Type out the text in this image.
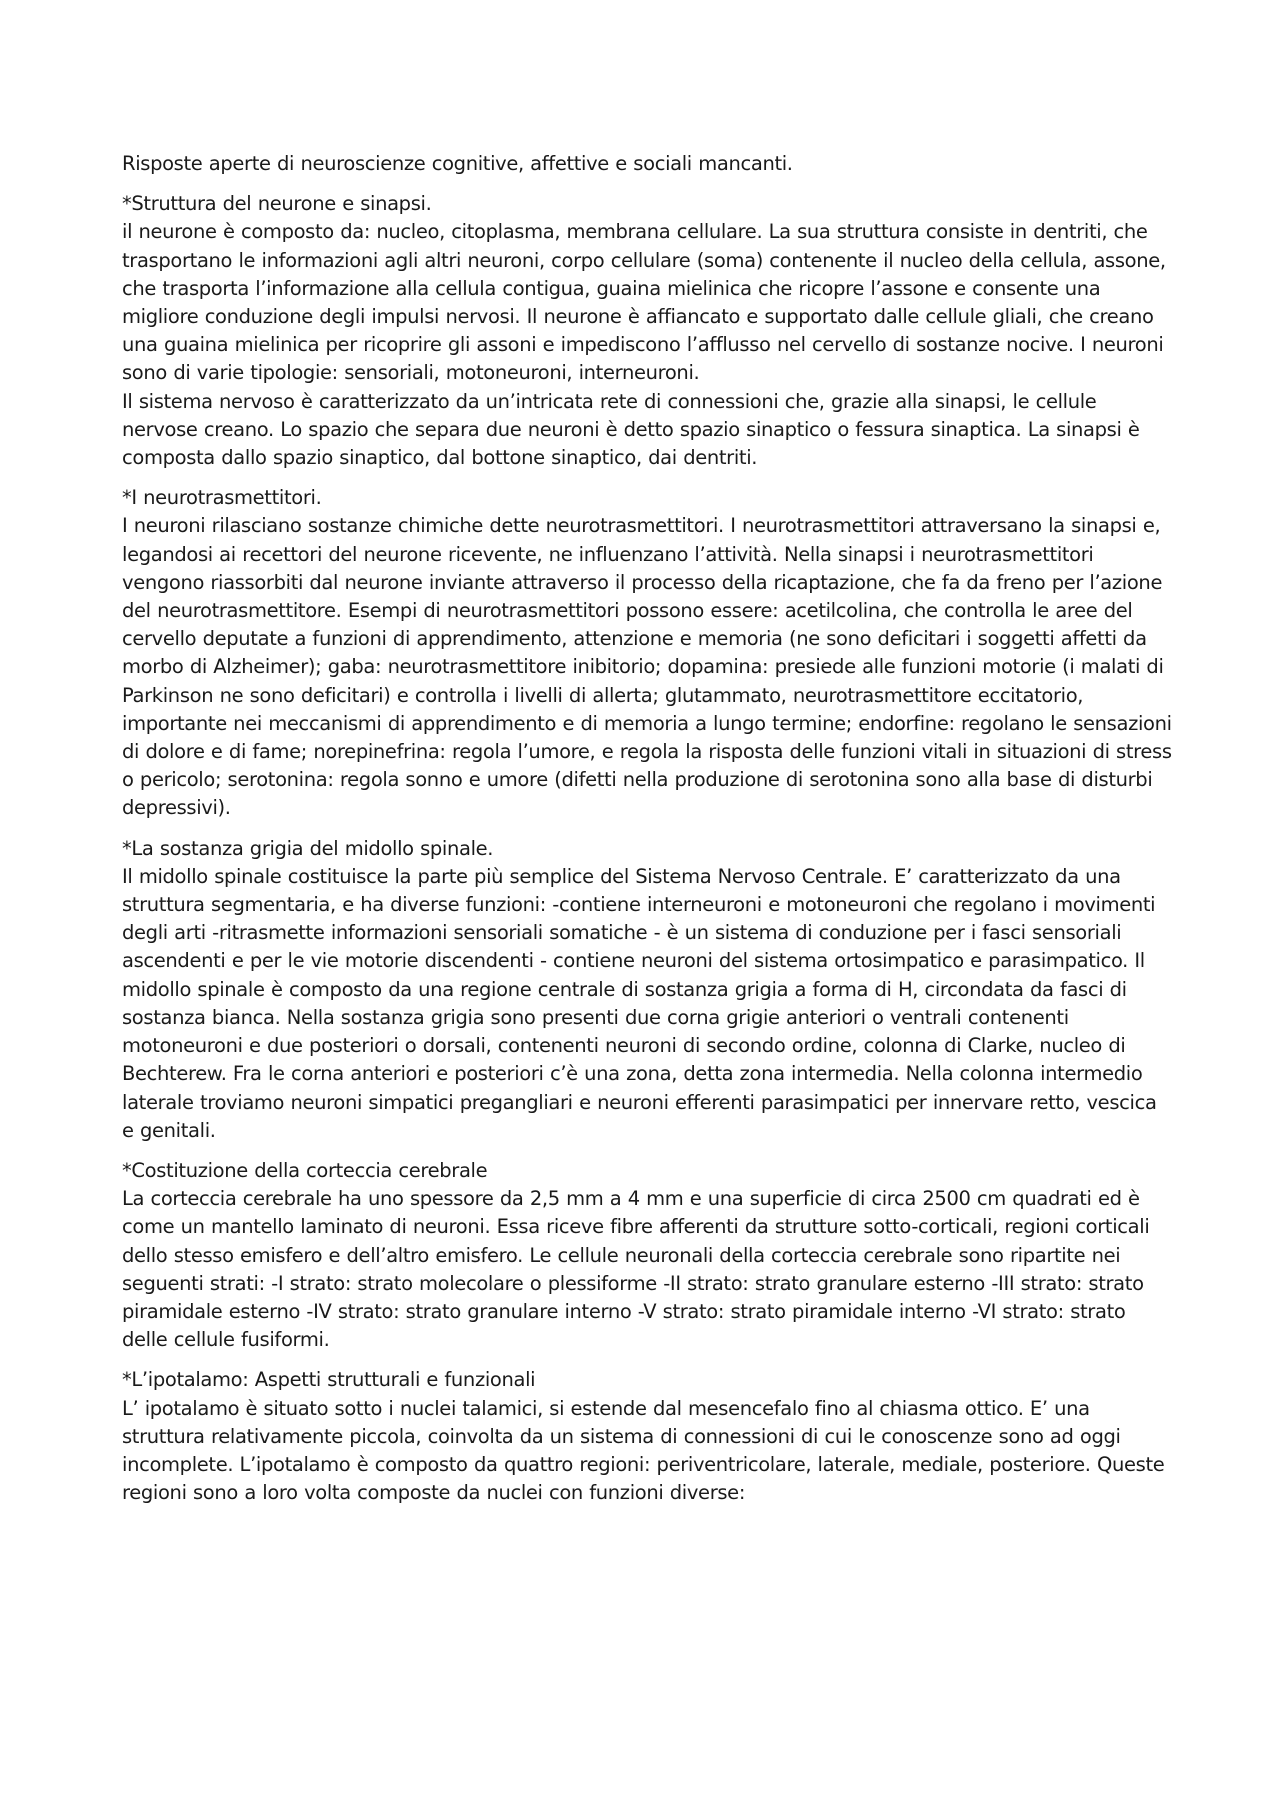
Risposte aperte di neuroscienze cognitive, affettive e sociali mancanti.

*Struttura del neurone e sinapsi.

il neurone è composto da: nucleo, citoplasma, membrana cellulare. La sua struttura consiste in dentriti, che trasportano le informazioni agli altri neuroni, corpo cellulare (soma) contenente il nucleo della cellula, assone, che trasporta l’informazione alla cellula contigua, guaina mielinica che ricopre l’assone e consente una migliore conduzione degli impulsi nervosi. Il neurone è affiancato e supportato dalle cellule gliali, che creano una guaina mielinica per ricoprire gli assoni e impediscono l’afflusso nel cervello di sostanze nocive. I neuroni sono di varie tipologie: sensoriali, motoneuroni, interneuroni.

Il sistema nervoso è caratterizzato da un’intricata rete di connessioni che, grazie alla sinapsi, le cellule nervose creano. Lo spazio che separa due neuroni è detto spazio sinaptico o fessura sinaptica. La sinapsi è composta dallo spazio sinaptico, dal bottone sinaptico, dai dentriti.

*I neurotrasmettitori.

I neuroni rilasciano sostanze chimiche dette neurotrasmettitori. I neurotrasmettitori attraversano la sinapsi e, legandosi ai recettori del neurone ricevente, ne influenzano l’attività. Nella sinapsi i neurotrasmettitori vengono riassorbiti dal neurone inviante attraverso il processo della ricaptazione, che fa da freno per l’azione del neurotrasmettitore. Esempi di neurotrasmettitori possono essere: acetilcolina, che controlla le aree del cervello deputate a funzioni di apprendimento, attenzione e memoria (ne sono deficitari i soggetti affetti da morbo di Alzheimer); gaba: neurotrasmettitore inibitorio; dopamina: presiede alle funzioni motorie (i malati di Parkinson ne sono deficitari) e controlla i livelli di allerta; glutammato, neurotrasmettitore eccitatorio, importante nei meccanismi di apprendimento e di memoria a lungo termine; endorfine: regolano le sensazioni di dolore e di fame; norepinefrina: regola l’umore, e regola la risposta delle funzioni vitali in situazioni di stress o pericolo; serotonina: regola sonno e umore (difetti nella produzione di serotonina sono alla base di disturbi depressivi).

*La sostanza grigia del midollo spinale.

Il midollo spinale costituisce la parte più semplice del Sistema Nervoso Centrale. E’ caratterizzato da una struttura segmentaria, e ha diverse funzioni: -contiene interneuroni e motoneuroni che regolano i movimenti degli arti -ritrasmette informazioni sensoriali somatiche - è un sistema di conduzione per i fasci sensoriali ascendenti e per le vie motorie discendenti - contiene neuroni del sistema ortosimpatico e parasimpatico. Il midollo spinale è composto da una regione centrale di sostanza grigia a forma di H, circondata da fasci di sostanza bianca. Nella sostanza grigia sono presenti due corna grigie anteriori o ventrali contenenti motoneuroni e due posteriori o dorsali, contenenti neuroni di secondo ordine, colonna di Clarke, nucleo di Bechterew. Fra le corna anteriori e posteriori c’è una zona, detta zona intermedia. Nella colonna intermedio laterale troviamo neuroni simpatici pregangliari e neuroni efferenti parasimpatici per innervare retto, vescica e genitali.

*Costituzione della corteccia cerebrale

La corteccia cerebrale ha uno spessore da 2,5 mm a 4 mm e una superficie di circa 2500 cm quadrati ed è come un mantello laminato di neuroni. Essa riceve fibre afferenti da strutture sotto-corticali, regioni corticali dello stesso emisfero e dell’altro emisfero. Le cellule neuronali della corteccia cerebrale sono ripartite nei seguenti strati: -I strato: strato molecolare o plessiforme -II strato: strato granulare esterno -III strato: strato piramidale esterno -IV strato: strato granulare interno -V strato: strato piramidale interno -VI strato: strato delle cellule fusiformi.

*L’ipotalamo: Aspetti strutturali e funzionali

L’ ipotalamo è situato sotto i nuclei talamici, si estende dal mesencefalo fino al chiasma ottico. E’ una struttura relativamente piccola, coinvolta da un sistema di connessioni di cui le conoscenze sono ad oggi incomplete. L’ipotalamo è composto da quattro regioni: periventricolare, laterale, mediale, posteriore. Queste regioni sono a loro volta composte da nuclei con funzioni diverse:
